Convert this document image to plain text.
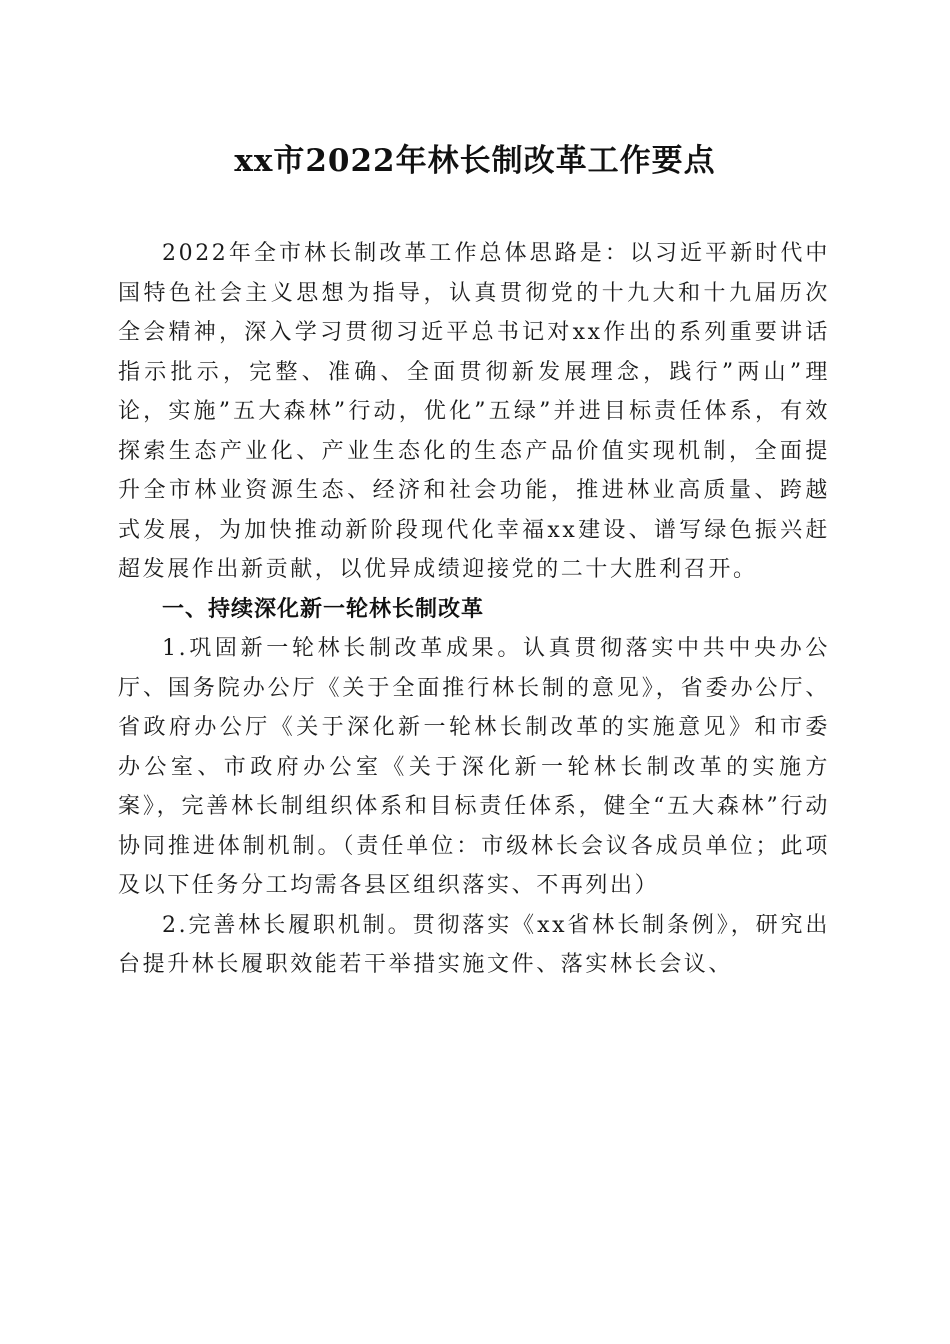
xx市2022年林长制改革工作要点

2022年全市林长制改革工作总体思路是：以习近平新时代中国特色社会主义思想为指导，认真贯彻党的十九大和十九届历次全会精神，深入学习贯彻习近平总书记对xx作出的系列重要讲话指示批示，完整、准确、全面贯彻新发展理念，践行”两山”理论，实施”五大森林”行动，优化”五绿”并进目标责任体系，有效探索生态产业化、产业生态化的生态产品价值实现机制，全面提升全市林业资源生态、经济和社会功能，推进林业高质量、跨越式发展，为加快推动新阶段现代化幸福xx建设、谱写绿色振兴赶超发展作出新贡献，以优异成绩迎接党的二十大胜利召开。

一、持续深化新一轮林长制改革

1.巩固新一轮林长制改革成果。认真贯彻落实中共中央办公厅、国务院办公厅《关于全面推行林长制的意见》，省委办公厅、省政府办公厅《关于深化新一轮林长制改革的实施意见》和市委办公室、市政府办公室《关于深化新一轮林长制改革的实施方案》，完善林长制组织体系和目标责任体系，健全“五大森林”行动协同推进体制机制。（责任单位：市级林长会议各成员单位；此项及以下任务分工均需各县区组织落实、不再列出）

2.完善林长履职机制。贯彻落实《xx省林长制条例》，研究出台提升林长履职效能若干举措实施文件、落实林长会议、
